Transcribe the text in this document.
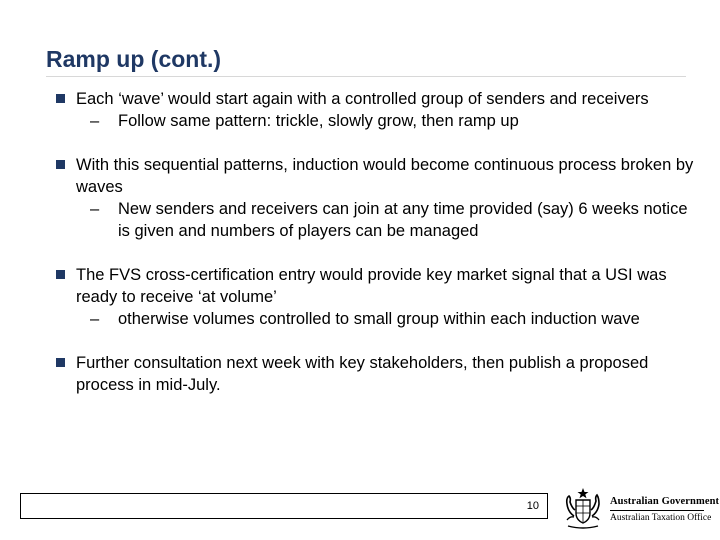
Ramp up (cont.)
Each ‘wave’ would start again with a controlled group of senders and receivers
– Follow same pattern: trickle, slowly grow, then ramp up
With this sequential patterns, induction would become continuous process broken by waves
– New senders and receivers can join at any time provided (say) 6 weeks notice is given and numbers of players can be managed
The FVS cross-certification entry would provide key market signal that a USI was ready to receive ‘at volume’
– otherwise volumes controlled to small group within each induction wave
Further consultation next week with key stakeholders, then publish a proposed process in mid-July.
10	Australian Government
Australian Taxation Office
